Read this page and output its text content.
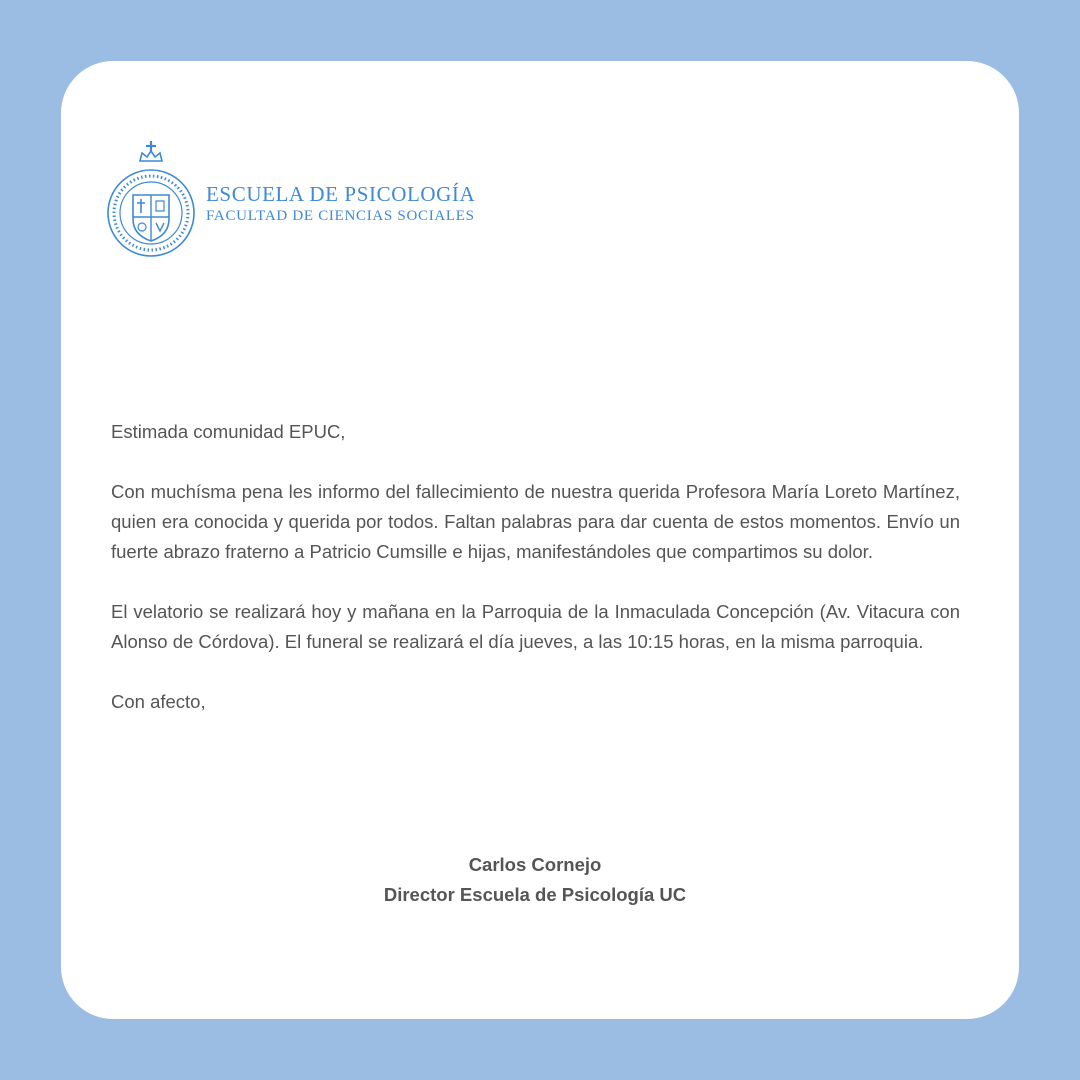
ESCUELA DE PSICOLOGÍA
FACULTAD DE CIENCIAS SOCIALES

Estimada comunidad EPUC,

Con muchísma pena les informo del fallecimiento de nuestra querida Profesora María Loreto Martínez, quien era conocida y querida por todos. Faltan palabras para dar cuenta de estos momentos. Envío un fuerte abrazo fraterno a Patricio Cumsille e hijas, manifestándoles que compartimos su dolor.

El velatorio se realizará hoy y mañana en la Parroquia de la Inmaculada Concepción (Av. Vitacura con Alonso de Córdova). El funeral se realizará el día jueves, a las 10:15 horas, en la misma parroquia.

Con afecto,

Carlos Cornejo
Director Escuela de Psicología UC
